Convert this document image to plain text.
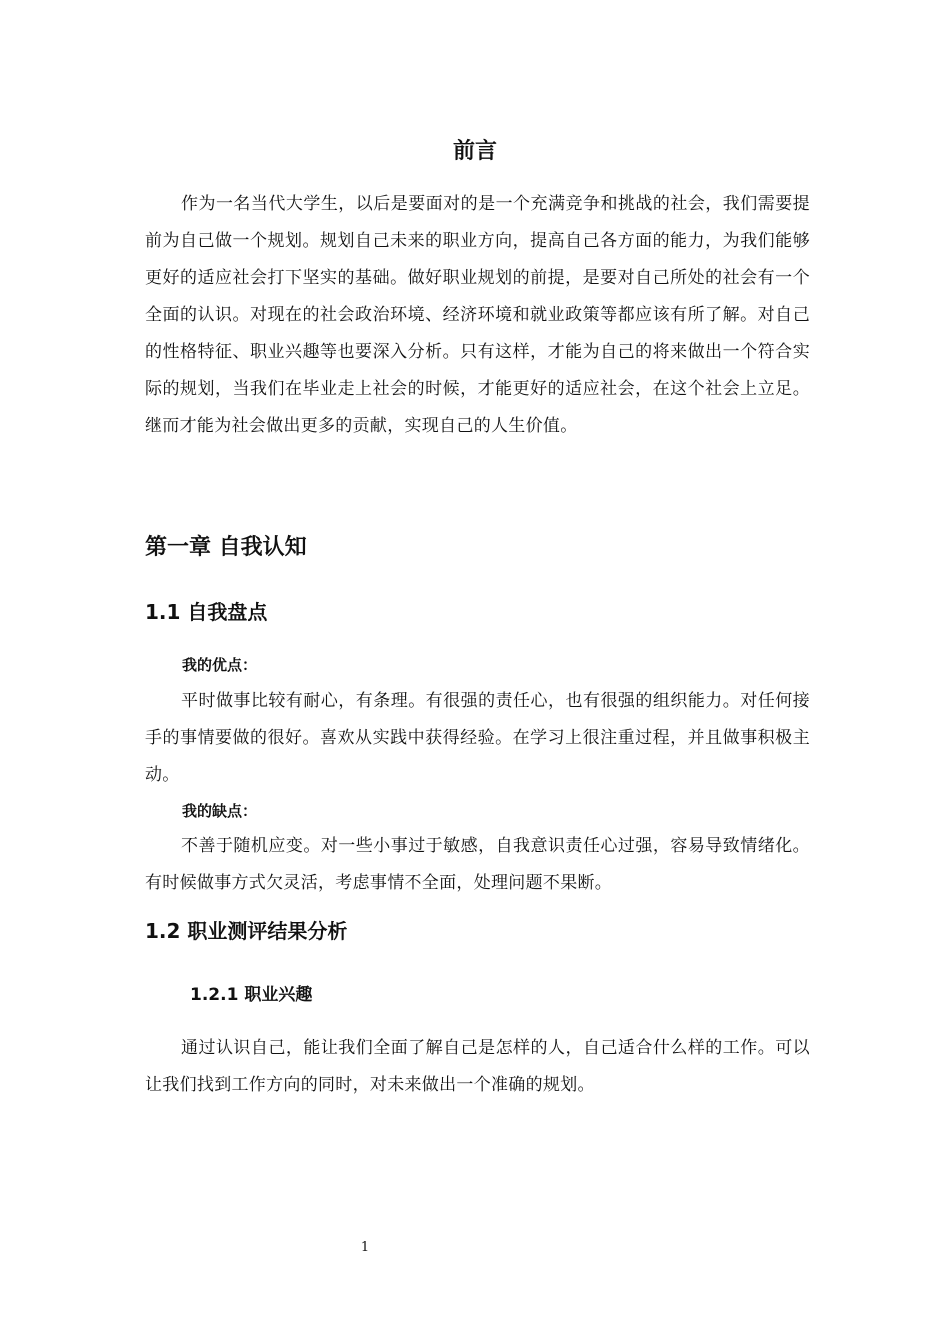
前言

作为一名当代大学生，以后是要面对的是一个充满竞争和挑战的社会，我们需要提前为自己做一个规划。规划自己未来的职业方向，提高自己各方面的能力，为我们能够更好的适应社会打下坚实的基础。做好职业规划的前提，是要对自己所处的社会有一个全面的认识。对现在的社会政治环境、经济环境和就业政策等都应该有所了解。对自己的性格特征、职业兴趣等也要深入分析。只有这样，才能为自己的将来做出一个符合实际的规划，当我们在毕业走上社会的时候，才能更好的适应社会，在这个社会上立足。继而才能为社会做出更多的贡献，实现自己的人生价值。

第一章 自我认知
1.1 自我盘点
我的优点：

平时做事比较有耐心，有条理。有很强的责任心，也有很强的组织能力。对任何接手的事情要做的很好。喜欢从实践中获得经验。在学习上很注重过程，并且做事积极主动。

我的缺点：

不善于随机应变。对一些小事过于敏感，自我意识责任心过强，容易导致情绪化。有时候做事方式欠灵活，考虑事情不全面，处理问题不果断。

1.2 职业测评结果分析
1.2.1 职业兴趣

通过认识自己，能让我们全面了解自己是怎样的人，自己适合什么样的工作。可以让我们找到工作方向的同时，对未来做出一个准确的规划。

1
